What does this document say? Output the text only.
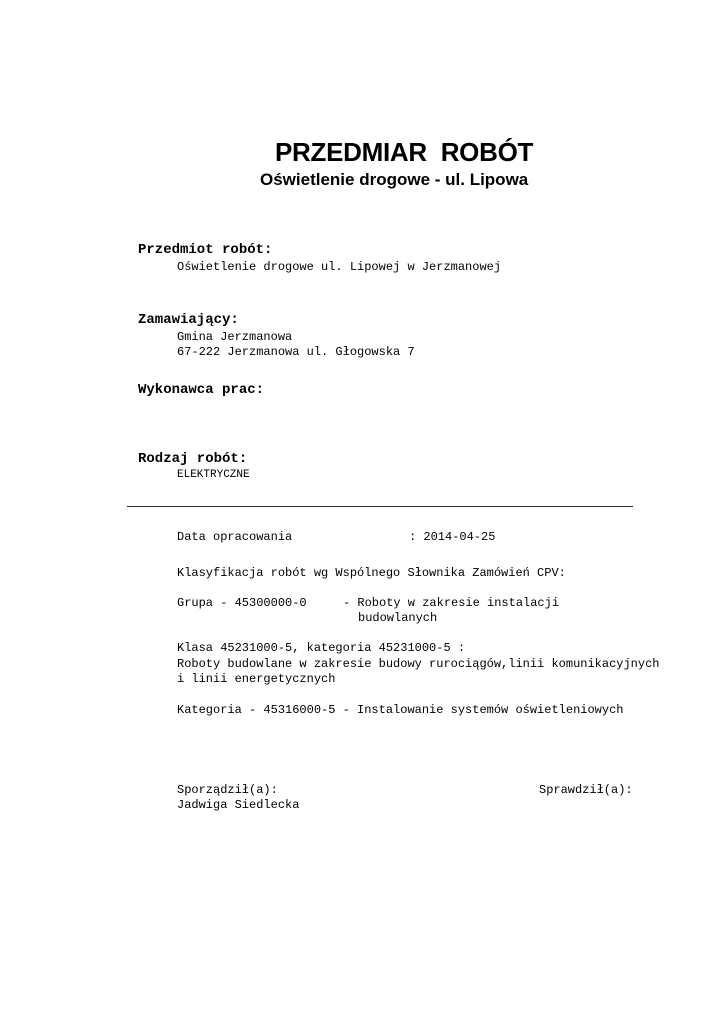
PRZEDMIAR  ROBÓT
Oświetlenie drogowe - ul. Lipowa
Przedmiot robót:
Oświetlenie drogowe ul. Lipowej w Jerzmanowej
Zamawiający:
Gmina Jerzmanowa
67-222 Jerzmanowa ul. Głogowska 7
Wykonawca prac:
Rodzaj robót:
ELEKTRYCZNE
Data opracowania	: 2014-04-25
Klasyfikacja robót wg Wspólnego Słownika Zamówień CPV:
Grupa - 45300000-0	- Roboty w zakresie instalacji
budowlanych
Klasa 45231000-5, kategoria 45231000-5 :
Roboty budowlane w zakresie budowy rurociągów,linii komunikacyjnych
i linii energetycznych
Kategoria - 45316000-5 - Instalowanie systemów oświetleniowych
Sporządził(a):
Jadwiga Siedlecka
Sprawdził(a):
